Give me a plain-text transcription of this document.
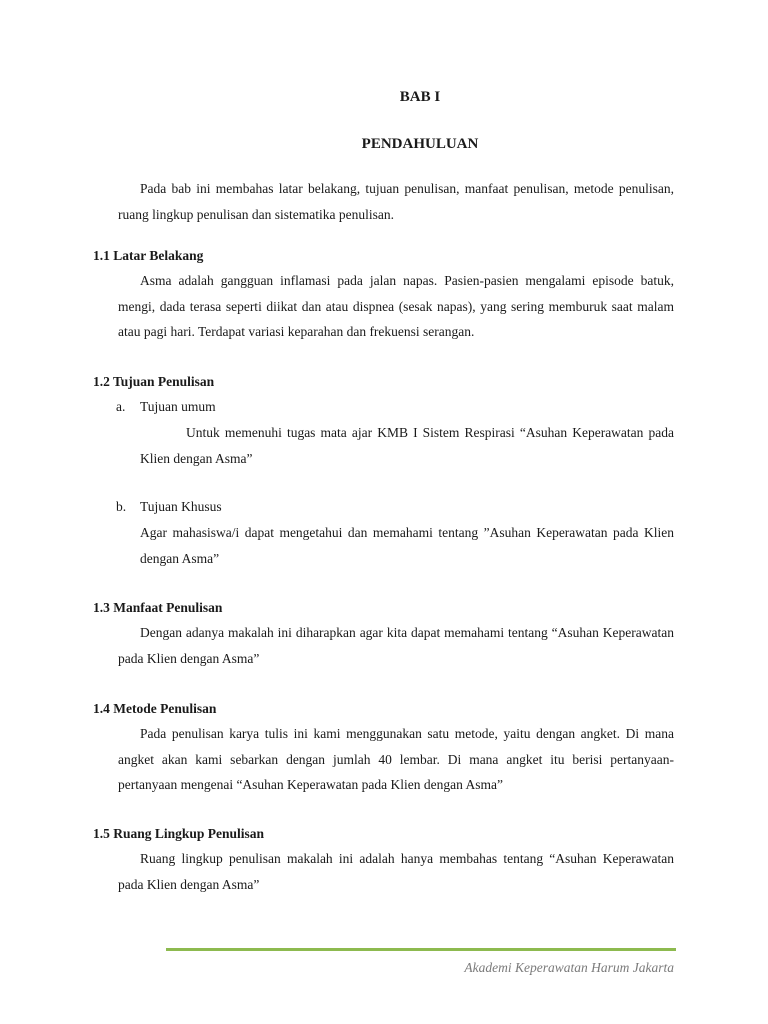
BAB I
PENDAHULUAN

Pada bab ini membahas latar belakang, tujuan penulisan, manfaat penulisan, metode penulisan, ruang lingkup penulisan dan sistematika penulisan.

1.1 Latar Belakang

Asma adalah gangguan inflamasi pada jalan napas. Pasien-pasien mengalami episode batuk, mengi, dada terasa seperti diikat dan atau dispnea (sesak napas), yang sering memburuk saat malam atau pagi hari. Terdapat variasi keparahan dan frekuensi serangan.

1.2 Tujuan Penulisan
a. Tujuan umum

Untuk memenuhi tugas mata ajar KMB I Sistem Respirasi “Asuhan Keperawatan pada Klien dengan Asma”

b. Tujuan Khusus

Agar mahasiswa/i dapat mengetahui dan memahami tentang ”Asuhan Keperawatan pada Klien dengan Asma”

1.3 Manfaat Penulisan

Dengan adanya makalah ini diharapkan agar kita dapat memahami tentang “Asuhan Keperawatan pada Klien dengan Asma”

1.4 Metode Penulisan

Pada penulisan karya tulis ini kami menggunakan satu metode, yaitu dengan angket. Di mana angket akan kami sebarkan dengan jumlah 40 lembar. Di mana angket itu berisi pertanyaan-pertanyaan mengenai “Asuhan Keperawatan pada Klien dengan Asma”

1.5 Ruang Lingkup Penulisan

Ruang lingkup penulisan makalah ini adalah hanya membahas tentang “Asuhan Keperawatan pada Klien dengan Asma”

Akademi Keperawatan Harum Jakarta
